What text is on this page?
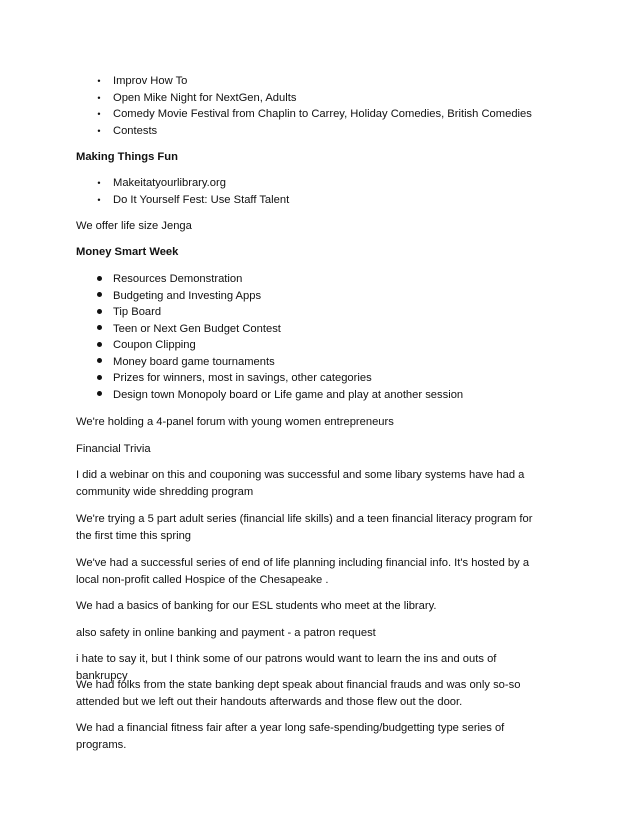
•
Improv How To
•
Open Mike Night for NextGen, Adults
•
Comedy Movie Festival from Chaplin to Carrey, Holiday Comedies, British Comedies
•
Contests
Making Things Fun
•
Makeitatyourlibrary.org
•
Do It Yourself Fest: Use Staff Talent
We offer life size Jenga
Money Smart Week
Resources Demonstration
Budgeting and Investing Apps
Tip Board
Teen or Next Gen Budget Contest
Coupon Clipping
Money board game tournaments
Prizes for winners, most in savings, other categories
Design town Monopoly board or Life game and play at another session

We're holding a 4-panel forum with young women entrepreneurs

Financial Trivia

I did a webinar on this and couponing was successful and some libary systems have had a community wide shredding program

We're trying a 5 part adult series (financial life skills) and a teen financial literacy program for the first time this spring

We've had a successful series of end of life planning including financial info. It's hosted by a local non-profit called Hospice of the Chesapeake .

We had a basics of banking for our ESL students who meet at the library.

also safety in online banking and payment - a patron request

i hate to say it, but I think some of our patrons would want to learn the ins and outs of bankrupcy

We had folks from the state banking dept speak about financial frauds and was only so-so attended but we left out their handouts afterwards and those flew out the door.

We had a financial fitness fair after a year long safe-spending/budgetting type series of programs.
